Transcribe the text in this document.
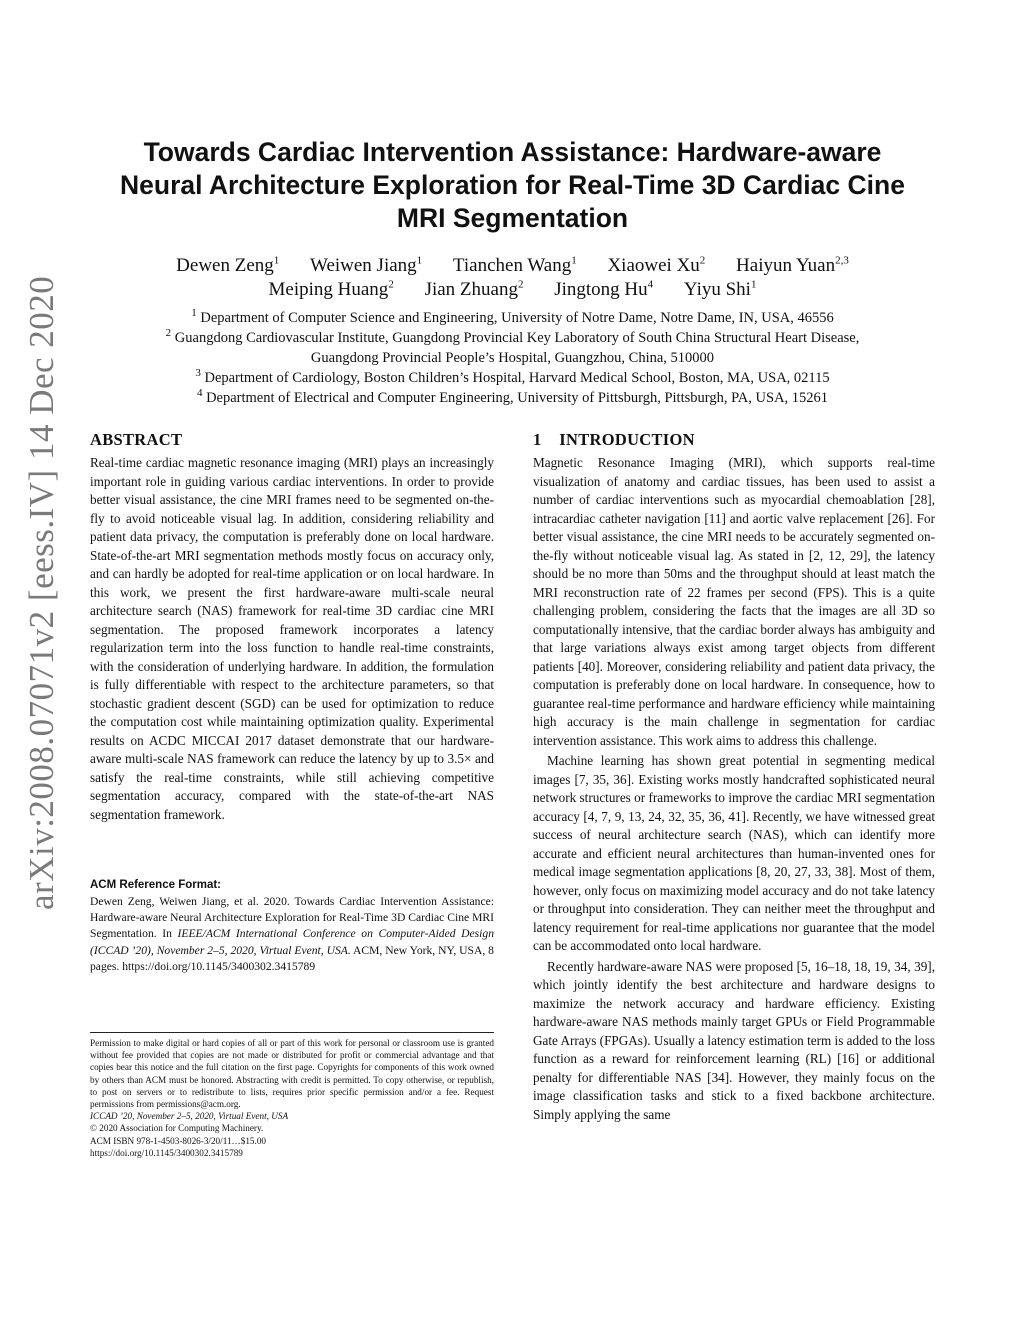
arXiv:2008.07071v2 [eess.IV] 14 Dec 2020
Towards Cardiac Intervention Assistance: Hardware-aware Neural Architecture Exploration for Real-Time 3D Cardiac Cine MRI Segmentation
Dewen Zeng$^1$ Weiwen Jiang$^1$ Tianchen Wang$^1$ Xiaowei Xu$^2$ Haiyun Yuan$^{2,3}$
Meiping Huang$^2$ Jian Zhuang$^2$ Jingtong Hu$^4$ Yiyu Shi$^1$
$^1$ Department of Computer Science and Engineering, University of Notre Dame, Notre Dame, IN, USA, 46556
$^2$ Guangdong Cardiovascular Institute, Guangdong Provincial Key Laboratory of South China Structural Heart Disease,
Guangdong Provincial People’s Hospital, Guangzhou, China, 510000
$^3$ Department of Cardiology, Boston Children’s Hospital, Harvard Medical School, Boston, MA, USA, 02115
$^4$ Department of Electrical and Computer Engineering, University of Pittsburgh, Pittsburgh, PA, USA, 15261
ABSTRACT

Real-time cardiac magnetic resonance imaging (MRI) plays an increasingly important role in guiding various cardiac interventions. In order to provide better visual assistance, the cine MRI frames need to be segmented on-the-fly to avoid noticeable visual lag. In addition, considering reliability and patient data privacy, the computation is preferably done on local hardware. State-of-the-art MRI segmentation methods mostly focus on accuracy only, and can hardly be adopted for real-time application or on local hardware. In this work, we present the first hardware-aware multi-scale neural architecture search (NAS) framework for real-time 3D cardiac cine MRI segmentation. The proposed framework incorporates a latency regularization term into the loss function to handle real-time constraints, with the consideration of underlying hardware. In addition, the formulation is fully differentiable with respect to the architecture parameters, so that stochastic gradient descent (SGD) can be used for optimization to reduce the computation cost while maintaining optimization quality. Experimental results on ACDC MICCAI 2017 dataset demonstrate that our hardware-aware multi-scale NAS framework can reduce the latency by up to 3.5× and satisfy the real-time constraints, while still achieving competitive segmentation accuracy, compared with the state-of-the-art NAS segmentation framework.

ACM Reference Format:
Dewen Zeng, Weiwen Jiang, et al. 2020. Towards Cardiac Intervention Assistance: Hardware-aware Neural Architecture Exploration for Real-Time 3D Cardiac Cine MRI Segmentation. In IEEE/ACM International Conference on Computer-Aided Design (ICCAD ’20), November 2–5, 2020, Virtual Event, USA. ACM, New York, NY, USA, 8 pages. https://doi.org/10.1145/3400302.3415789

Permission to make digital or hard copies of all or part of this work for personal or classroom use is granted without fee provided that copies are not made or distributed for profit or commercial advantage and that copies bear this notice and the full citation on the first page. Copyrights for components of this work owned by others than ACM must be honored. Abstracting with credit is permitted. To copy otherwise, or republish, to post on servers or to redistribute to lists, requires prior specific permission and/or a fee. Request permissions from permissions@acm.org.

ICCAD ’20, November 2–5, 2020, Virtual Event, USA

© 2020 Association for Computing Machinery.

ACM ISBN 978-1-4503-8026-3/20/11…$15.00

https://doi.org/10.1145/3400302.3415789

1 INTRODUCTION

Magnetic Resonance Imaging (MRI), which supports real-time visualization of anatomy and cardiac tissues, has been used to assist a number of cardiac interventions such as myocardial chemoablation [28], intracardiac catheter navigation [11] and aortic valve replacement [26]. For better visual assistance, the cine MRI needs to be accurately segmented on-the-fly without noticeable visual lag. As stated in [2, 12, 29], the latency should be no more than 50ms and the throughput should at least match the MRI reconstruction rate of 22 frames per second (FPS). This is a quite challenging problem, considering the facts that the images are all 3D so computationally intensive, that the cardiac border always has ambiguity and that large variations always exist among target objects from different patients [40]. Moreover, considering reliability and patient data privacy, the computation is preferably done on local hardware. In consequence, how to guarantee real-time performance and hardware efficiency while maintaining high accuracy is the main challenge in segmentation for cardiac intervention assistance. This work aims to address this challenge.

Machine learning has shown great potential in segmenting medical images [7, 35, 36]. Existing works mostly handcrafted sophisticated neural network structures or frameworks to improve the cardiac MRI segmentation accuracy [4, 7, 9, 13, 24, 32, 35, 36, 41]. Recently, we have witnessed great success of neural architecture search (NAS), which can identify more accurate and efficient neural architectures than human-invented ones for medical image segmentation applications [8, 20, 27, 33, 38]. Most of them, however, only focus on maximizing model accuracy and do not take latency or throughput into consideration. They can neither meet the throughput and latency requirement for real-time applications nor guarantee that the model can be accommodated onto local hardware.

Recently hardware-aware NAS were proposed [5, 16–18, 18, 19, 34, 39], which jointly identify the best architecture and hardware designs to maximize the network accuracy and hardware efficiency. Existing hardware-aware NAS methods mainly target GPUs or Field Programmable Gate Arrays (FPGAs). Usually a latency estimation term is added to the loss function as a reward for reinforcement learning (RL) [16] or additional penalty for differentiable NAS [34]. However, they mainly focus on the image classification tasks and stick to a fixed backbone architecture. Simply applying the same
